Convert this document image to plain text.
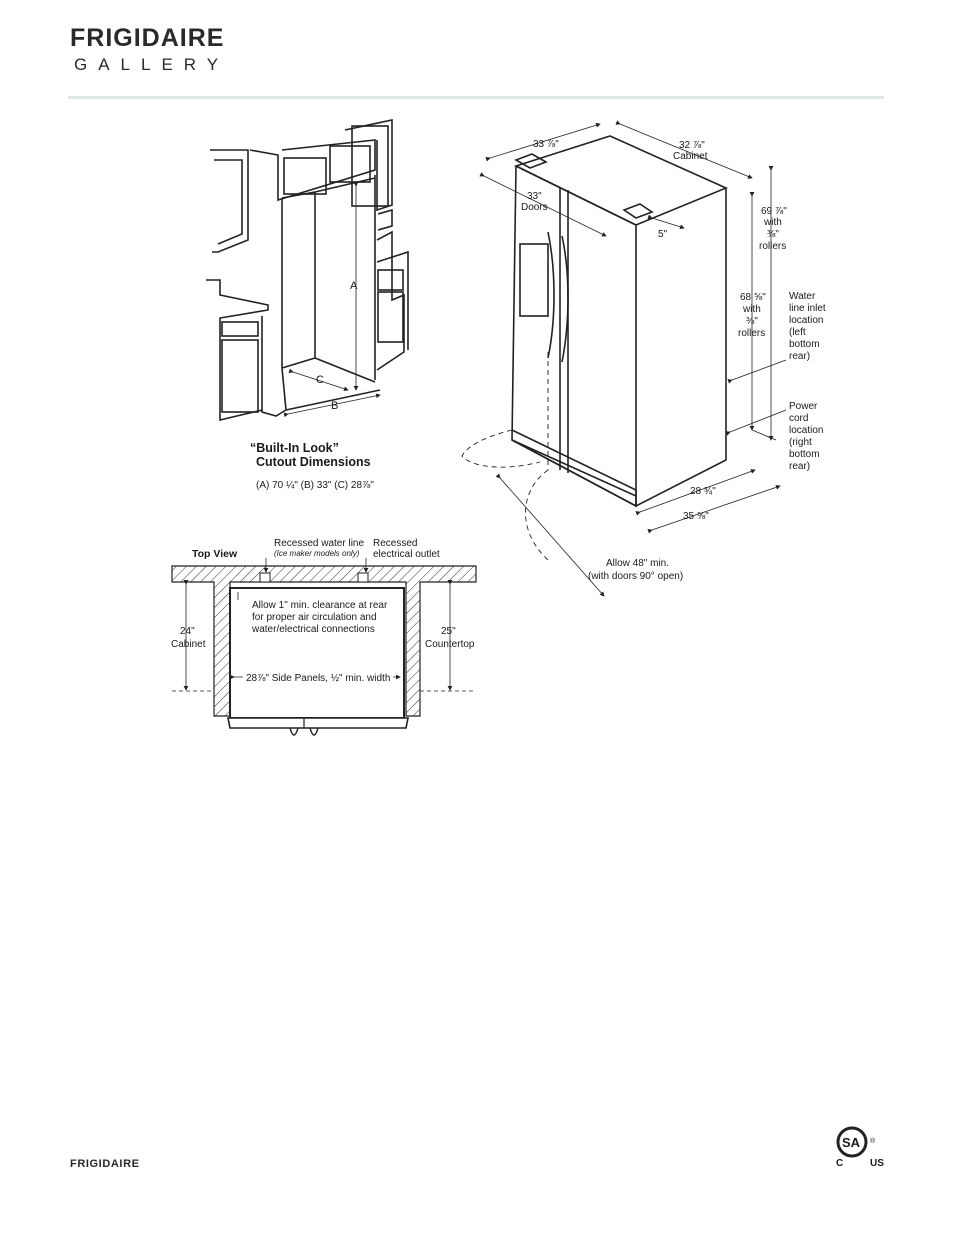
FRIGIDAIRE
GALLERY
A
C
B
“Built-In Look”
Cutout Dimensions
(A) 70 ¼" (B) 33" (C) 28⅞"
33 ⅞"	32 ⅞"
Cabinet
33"
Doors
5"
69 ⅞"
with
⅜"
rollers
68 ⅝"
with
⅜"
rollers
Water
line inlet
location
(left
bottom
rear)
Power
cord
location
(right
bottom
rear)
28 ¾"
35 ⅝"
Allow 48" min.
(with doors 90° open)
Top View
Recessed water line
(Ice maker models only)
Recessed
electrical outlet
28⅞" Side Panels, ½" min. width
Allow 1" min. clearance at rear
for proper air circulation and
water/electrical connections
24"
Cabinet
25"
Countertop
FRIGIDAIRE
SA ®
C	US
